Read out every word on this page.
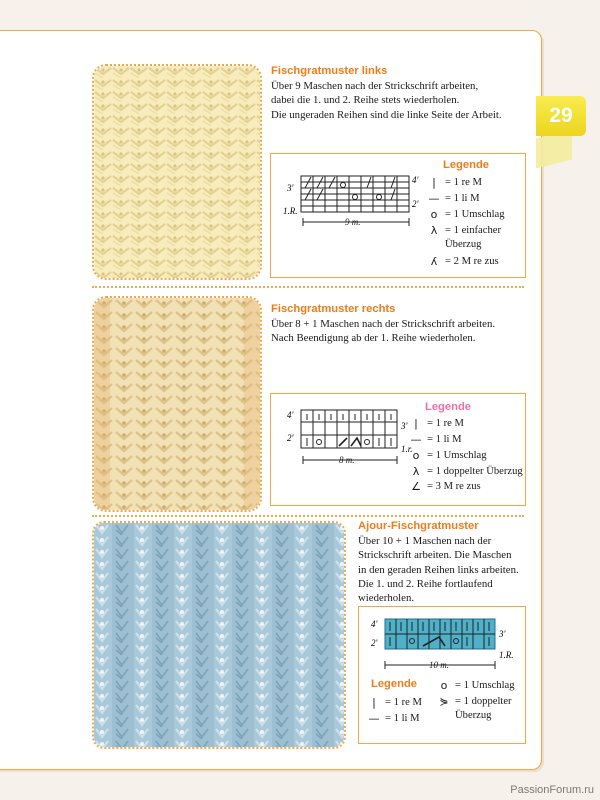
29
Fischgratmuster links
Über 9 Maschen nach der Strickschrift arbeiten,
dabei die 1. und 2. Reihe stets wiederholen.
Die ungeraden Reihen sind die linke Seite der Arbeit.
3'
1.R.
4'
2'
9 m.
Legende
| = 1 re M
— = 1 li M
o = 1 Umschlag
λ = 1 einfacher
Überzug
ʎ = 2 M re zus
Fischgratmuster rechts
Über 8 + 1 Maschen nach der Strickschrift arbeiten.
Nach Beendigung ab der 1. Reihe wiederholen.
4'
2'
3'
1.r.
8 m.
Legende
| = 1 re M
— = 1 li M
o = 1 Umschlag
λ = 1 doppelter Überzug
∠ = 3 M re zus
Ajour-Fischgratmuster
Über 10 + 1 Maschen nach der
Strickschrift arbeiten. Die Maschen
in den geraden Reihen links arbeiten.
Die 1. und 2. Reihe fortlaufend
wiederholen.
4'
2'
3'
1.R.
10 m.
Legende
| = 1 re M
— = 1 li M
o = 1 Umschlag
⋟ = 1 doppelter
Überzug
PassionForum.ru
